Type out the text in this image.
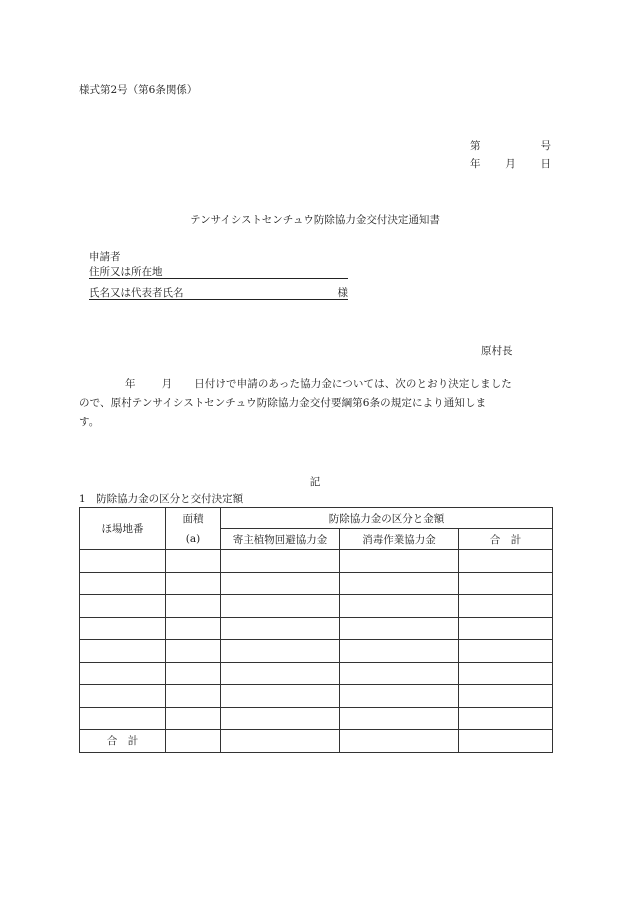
様式第2号（第6条関係）
第	号
年 月 日
テンサイシストセンチュウ防除協力金交付決定通知書
申請者
住所又は所在地
氏名又は代表者氏名	様
原村長
年 月 日付けで申請のあった協力金については、次のとおり決定しました
ので、原村テンサイシストセンチュウ防除協力金交付要綱第6条の規定により通知しま
す。
記
1　防除協力金の区分と交付決定額
ほ場地番	面積	防除協力金の区分と金額		
	(a)	寄主植物回避協力金	消毒作業協力金	合　計

合　計				
